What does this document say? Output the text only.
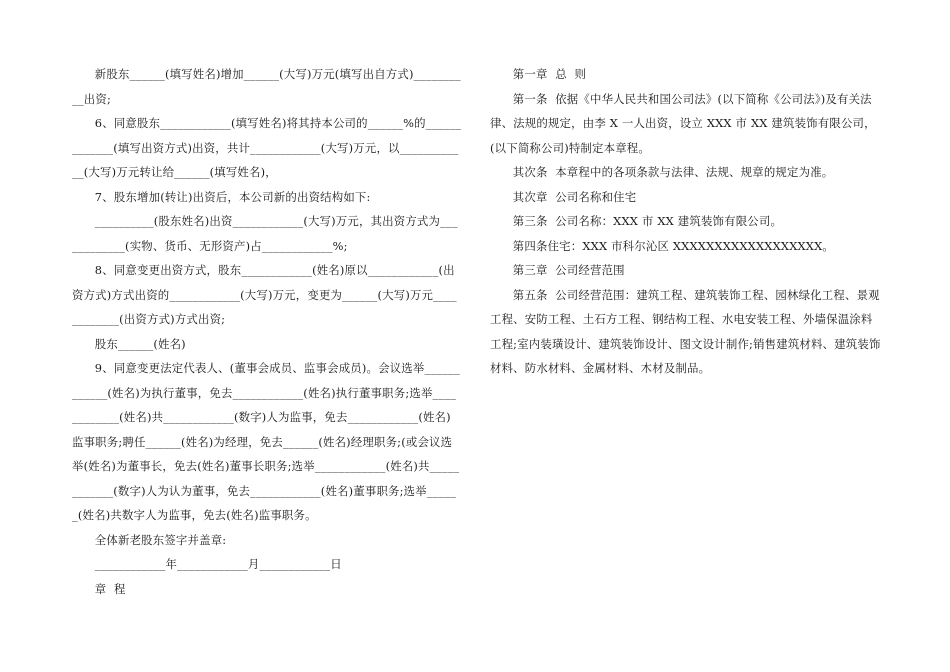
新股东______(填写姓名)增加______(大写)万元(填写出自方式)__________出资;

6、同意股东____________(填写姓名)将其持本公司的______%的_____________(填写出资方式)出资，共计____________(大写)万元，以____________(大写)万元转让给______(填写姓名)，

7、股东增加(转让)出资后，本公司新的出资结构如下:

__________(股东姓名)出资____________(大写)万元，其出资方式为____________(实物、货币、无形资产)占____________%;

8、同意变更出资方式，股东____________(姓名)原以____________(出资方式)方式出资的____________(大写)万元，变更为______(大写)万元____________(出资方式)方式出资;

股东______(姓名)

9、同意变更法定代表人、(董事会成员、监事会成员)。会议选举____________(姓名)为执行董事，免去____________(姓名)执行董事职务;选举____________(姓名)共____________(数字)人为监事，免去____________(姓名)监事职务;聘任______(姓名)为经理，免去______(姓名)经理职务;(或会议选举(姓名)为董事长，免去(姓名)董事长职务;选举____________(姓名)共____________(数字)人为认为董事，免去____________(姓名)董事职务;选举______(姓名)共数字人为监事，免去(姓名)监事职务。

全体新老股东签字并盖章:

____________年____________月____________日

章  程

第一章  总  则

第一条  依据《中华人民共和国公司法》(以下简称《公司法》)及有关法律、法规的规定，由李 X 一人出资，设立 XXX 市 XX 建筑装饰有限公司，(以下简称公司)特制定本章程。

其次条  本章程中的各项条款与法律、法规、规章的规定为准。

其次章  公司名称和住宅

第三条  公司名称：XXX 市 XX 建筑装饰有限公司。

第四条住宅：XXX 市科尔沁区 XXXXXXXXXXXXXXXXXX。

第三章  公司经营范围

第五条  公司经营范围：建筑工程、建筑装饰工程、园林绿化工程、景观工程、安防工程、土石方工程、钢结构工程、水电安装工程、外墙保温涂料工程;室内装璜设计、建筑装饰设计、图文设计制作;销售建筑材料、建筑装饰材料、防水材料、金属材料、木材及制品。
